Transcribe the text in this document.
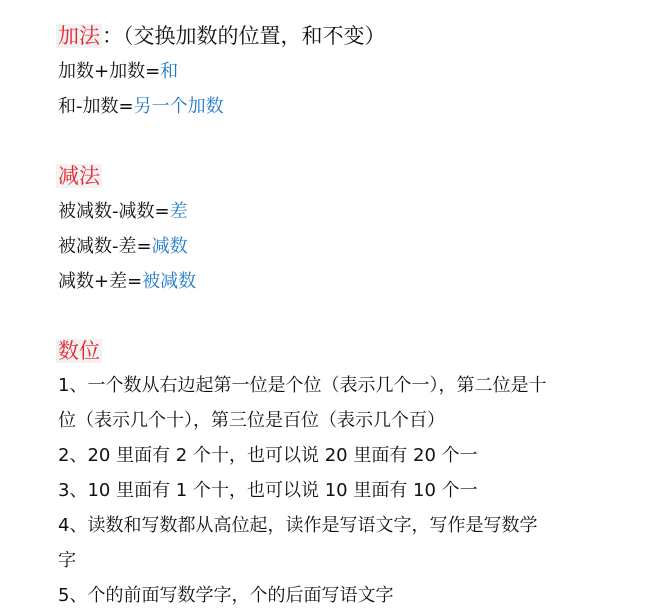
加法：（交换加数的位置，和不变）
加数+加数=和
和-加数=另一个加数
减法
被减数-减数=差
被减数-差=减数
减数+差=被减数
数位
1、一个数从右边起第一位是个位（表示几个一），第二位是十
位（表示几个十），第三位是百位（表示几个百）
2、20 里面有 2 个十，也可以说 20 里面有 20 个一
3、10 里面有 1 个十，也可以说 10 里面有 10 个一
4、读数和写数都从高位起，读作是写语文字，写作是写数学
字
5、个的前面写数学字，个的后面写语文字
